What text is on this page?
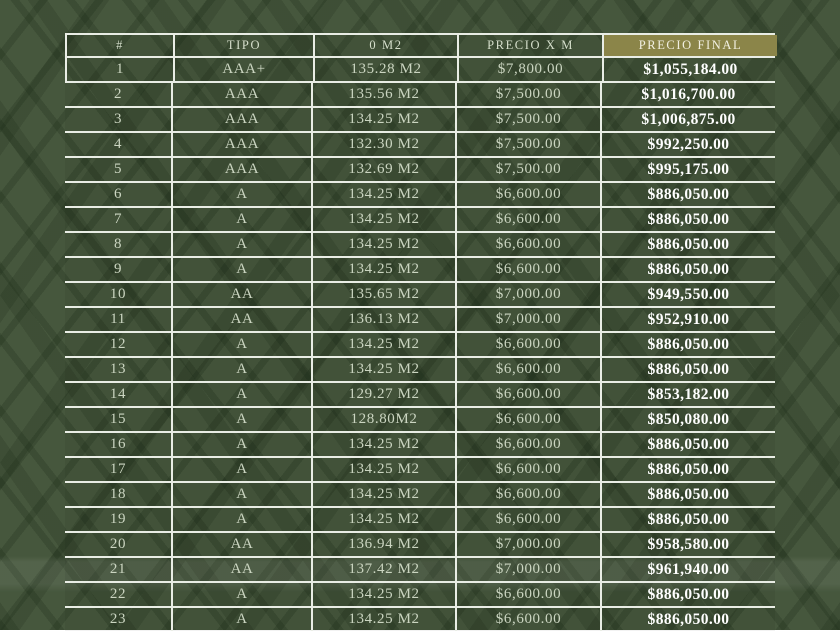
#	TIPO	0 M2	PRECIO X M	PRECIO FINAL
1	AAA+	135.28 M2	$7,800.00	$1,055,184.00
2	AAA	135.56 M2	$7,500.00	$1,016,700.00
3	AAA	134.25 M2	$7,500.00	$1,006,875.00
4	AAA	132.30 M2	$7,500.00	$992,250.00
5	AAA	132.69 M2	$7,500.00	$995,175.00
6	A	134.25 M2	$6,600.00	$886,050.00
7	A	134.25 M2	$6,600.00	$886,050.00
8	A	134.25 M2	$6,600.00	$886,050.00
9	A	134.25 M2	$6,600.00	$886,050.00
10	AA	135.65 M2	$7,000.00	$949,550.00
11	AA	136.13 M2	$7,000.00	$952,910.00
12	A	134.25 M2	$6,600.00	$886,050.00
13	A	134.25 M2	$6,600.00	$886,050.00
14	A	129.27 M2	$6,600.00	$853,182.00
15	A	128.80M2	$6,600.00	$850,080.00
16	A	134.25 M2	$6,600.00	$886,050.00
17	A	134.25 M2	$6,600.00	$886,050.00
18	A	134.25 M2	$6,600.00	$886,050.00
19	A	134.25 M2	$6,600.00	$886,050.00
20	AA	136.94 M2	$7,000.00	$958,580.00
21	AA	137.42 M2	$7,000.00	$961,940.00
22	A	134.25 M2	$6,600.00	$886,050.00
23	A	134.25 M2	$6,600.00	$886,050.00
